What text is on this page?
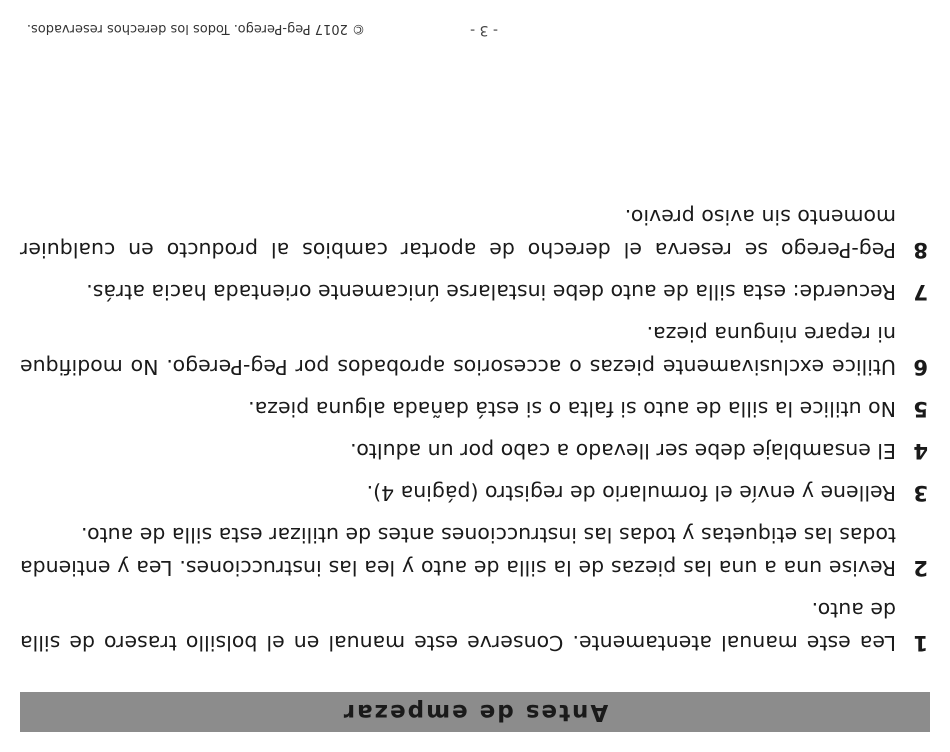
Antes de empezar
1
Lea este manual atentamente. Conserve este manual en el bolsillo trasero de silla de auto.
2
Revise una a una las piezas de la silla de auto y lea las instrucciones. Lea y entienda todas las etiquetas y todas las instrucciones antes de utilizar esta silla de auto.
3
Rellene y envíe el formulario de registro (página 4).
4
El ensamblaje debe ser llevado a cabo por un adulto.
5
No utilice la silla de auto si falta o si está dañada alguna pieza.
6
Utilice exclusivamente piezas o accesorios aprobados por Peg-Perego. No modifique ni repare ninguna pieza.
7
Recuerde: esta silla de auto debe instalarse únicamente orientada hacia atrás.
8
Peg-Perego se reserva el derecho de aportar cambios al producto en cualquier momento sin aviso previo.
- 3 -
© 2017 Peg-Perego. Todos los derechos reservados.
